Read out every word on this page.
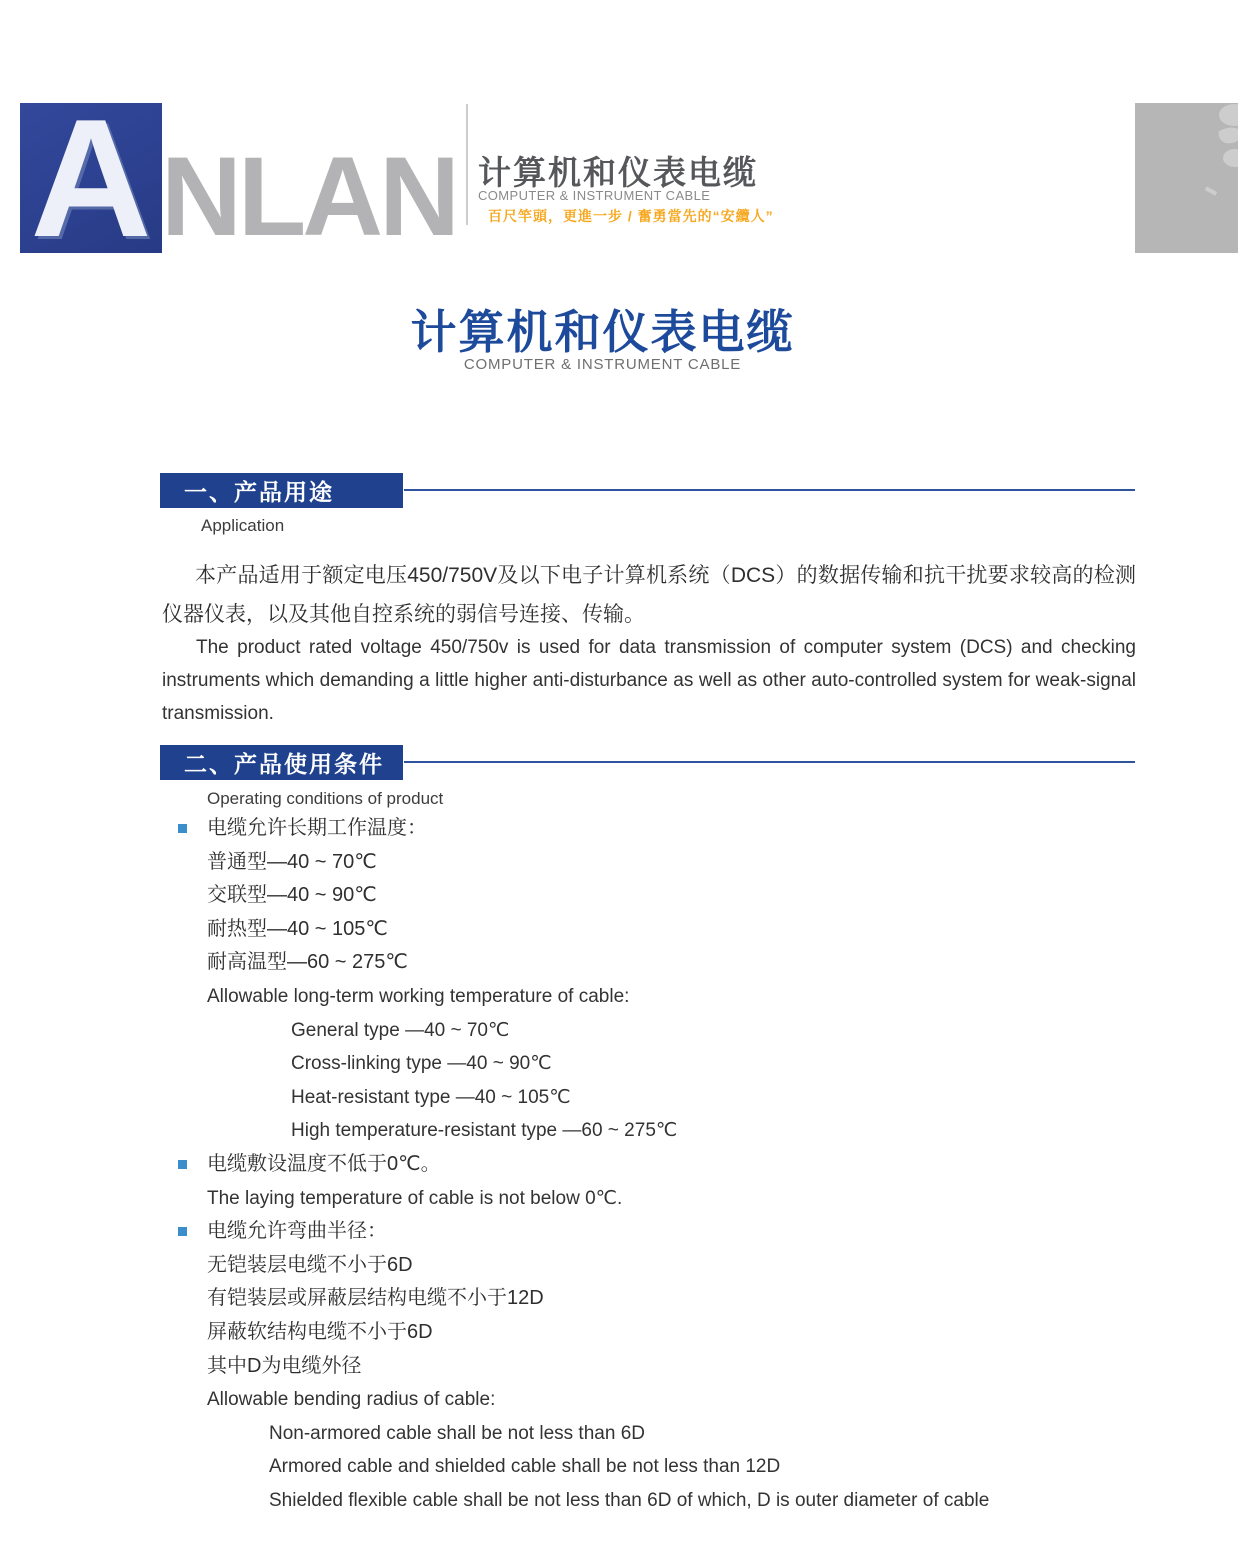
A NLAN 计算机和仪表电缆
COMPUTER & INSTRUMENT CABLE
百尺竿頭，更進一步 / 奮勇當先的“安纜人”
计算机和仪表电缆
COMPUTER & INSTRUMENT CABLE
一、产品用途
Application
本产品适用于额定电压450/750V及以下电子计算机系统（DCS）的数据传输和抗干扰要求较高的检测仪器仪表，以及其他自控系统的弱信号连接、传输。
The product rated voltage 450/750v is used for data transmission of computer system (DCS) and checking instruments which demanding a little higher anti-disturbance as well as other auto-controlled system for weak-signal transmission.
二、产品使用条件
Operating conditions of product
电缆允许长期工作温度：
普通型—40 ~ 70℃
交联型—40 ~ 90℃
耐热型—40 ~ 105℃
耐高温型—60 ~ 275℃
Allowable long-term working temperature of cable:
General type —40 ~ 70℃
Cross-linking type —40 ~ 90℃
Heat-resistant type —40 ~ 105℃
High temperature-resistant type —60 ~ 275℃
电缆敷设温度不低于0℃。
The laying temperature of cable is not below 0℃.
电缆允许弯曲半径：
无铠装层电缆不小于6D
有铠装层或屏蔽层结构电缆不小于12D
屏蔽软结构电缆不小于6D
其中D为电缆外径
Allowable bending radius of cable:
Non-armored cable shall be not less than 6D
Armored cable and shielded cable shall be not less than 12D
Shielded flexible cable shall be not less than 6D of which, D is outer diameter of cable
